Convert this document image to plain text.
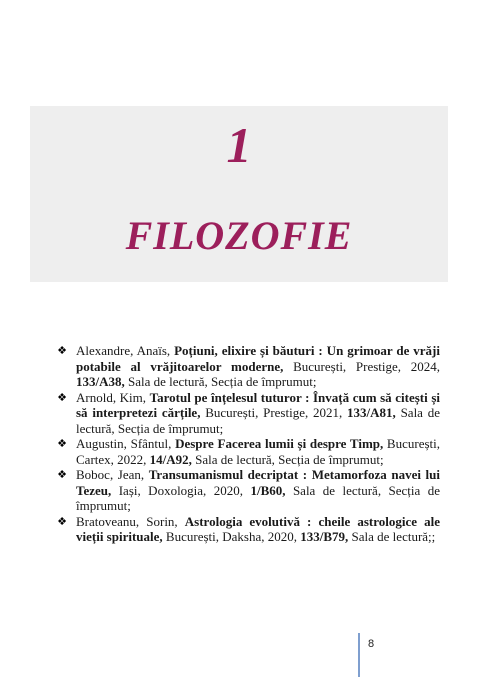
1
FILOZOFIE
❖ Alexandre, Anaïs, Poțiuni, elixire și băuturi : Un grimoar de vrăji potabile al vrăjitoarelor moderne, București, Prestige, 2024, 133/A38, Sala de lectură, Secția de împrumut;
❖ Arnold, Kim, Tarotul pe înțelesul tuturor : Învață cum să citești și să interpretezi cărțile, București, Prestige, 2021, 133/A81, Sala de lectură, Secția de împrumut;
❖ Augustin, Sfântul, Despre Facerea lumii și despre Timp, București, Cartex, 2022, 14/A92, Sala de lectură, Secția de împrumut;
❖ Boboc, Jean, Transumanismul decriptat : Metamorfoza navei lui Tezeu, Iași, Doxologia, 2020, 1/B60, Sala de lectură, Secția de împrumut;
❖ Bratoveanu, Sorin, Astrologia evolutivă : cheile astrologice ale vieții spirituale, București, Daksha, 2020, 133/B79, Sala de lectură;;
8
